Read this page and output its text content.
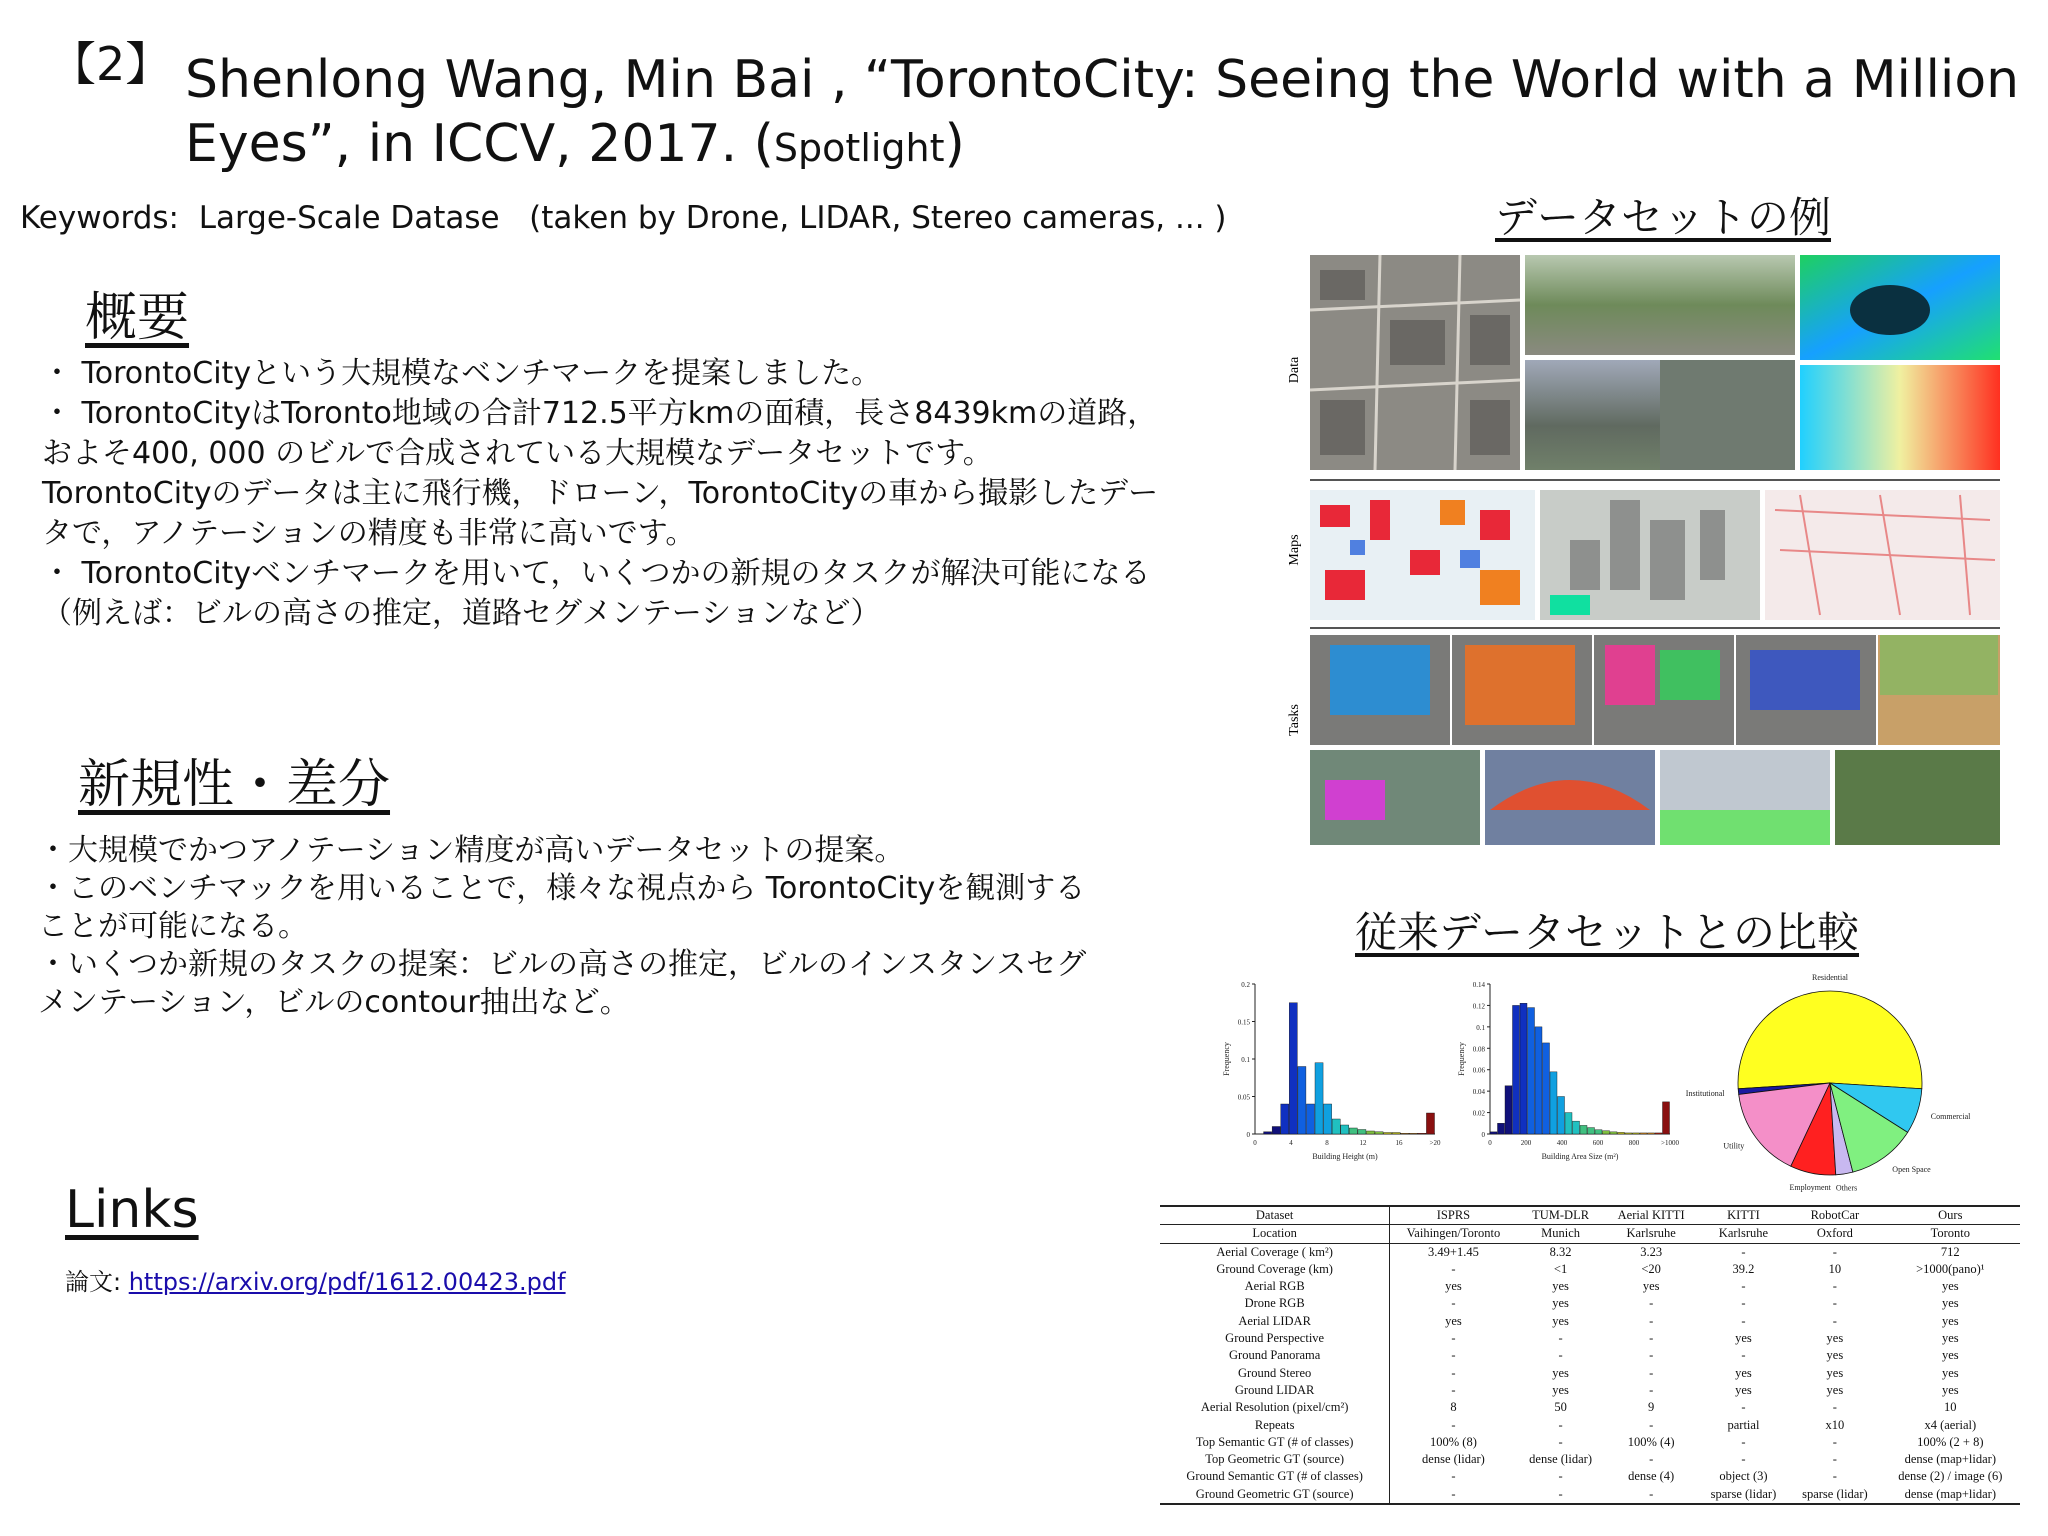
【2】 Shenlong Wang, Min Bai , “TorontoCity: Seeing the World with a Million Eyes”, in ICCV, 2017. (Spotlight)
Keywords:  Large-Scale Datase   (taken by Drone, LIDAR, Stereo cameras, ... )
概要

・ TorontoCityという大規模なベンチマークを提案しました。

・ TorontoCityはToronto地域の合計712.5平方kmの面積，長さ8439kmの道路，およそ400, 000 のビルで合成されている大規模なデータセットです。TorontoCityのデータは主に飛行機，ドローン，TorontoCityの車から撮影したデータで，アノテーションの精度も非常に高いです。

・ TorontoCityベンチマークを用いて，いくつかの新規のタスクが解決可能になる（例えば：ビルの高さの推定，道路セグメンテーションなど）

新規性・差分

・大規模でかつアノテーション精度が高いデータセットの提案。

・このベンチマックを用いることで，様々な視点から TorontoCityを観測することが可能になる。

・いくつか新規のタスクの提案：ビルの高さの推定，ビルのインスタンスセグメンテーション，ビルのcontour抽出など。

Links
論文: https://arxiv.org/pdf/1612.00423.pdf
データセットの例
Data
Maps
Tasks
従来データセットとの比較
0
0.05
0.1
0.15
0.2
0	4	8	12	16	>20
Building Height (m)
Frequency
0
0.02
0.04
0.06
0.08
0.1
0.12
0.14
0	200	400	600	800	>1000
Building Area Size (m²)
Frequency
Residential
Institutional
Utility
Employment Others
Open Space
Commercial
Dataset	ISPRS	TUM-DLR	Aerial KITTI	KITTI	RobotCar	Ours
Location	Vaihingen/Toronto	Munich	Karlsruhe	Karlsruhe	Oxford	Toronto
Aerial Coverage ( km²)	3.49+1.45	8.32	3.23	-	-	712
Ground Coverage (km)	-	<1	<20	39.2	10	>1000(pano)¹
Aerial RGB	yes	yes	yes	-	-	yes
Drone RGB	-	yes	-	-	-	yes
Aerial LIDAR	yes	yes	-	-	-	yes
Ground Perspective	-	-	-	yes	yes	yes
Ground Panorama	-	-	-	-	yes	yes
Ground Stereo	-	yes	-	yes	yes	yes
Ground LIDAR	-	yes	-	yes	yes	yes
Aerial Resolution (pixel/cm²)	8	50	9	-	-	10
Repeats	-	-	-	partial	x10	x4 (aerial)
Top Semantic GT (# of classes)	100% (8)	-	100% (4)	-	-	100% (2 + 8)
Top Geometric GT (source)	dense (lidar)	dense (lidar)	-	-	-	dense (map+lidar)
Ground Semantic GT (# of classes)	-	-	dense (4)	object (3)	-	dense (2) / image (6)
Ground Geometric GT (source)	-	-	-	sparse (lidar)	sparse (lidar)	dense (map+lidar)
